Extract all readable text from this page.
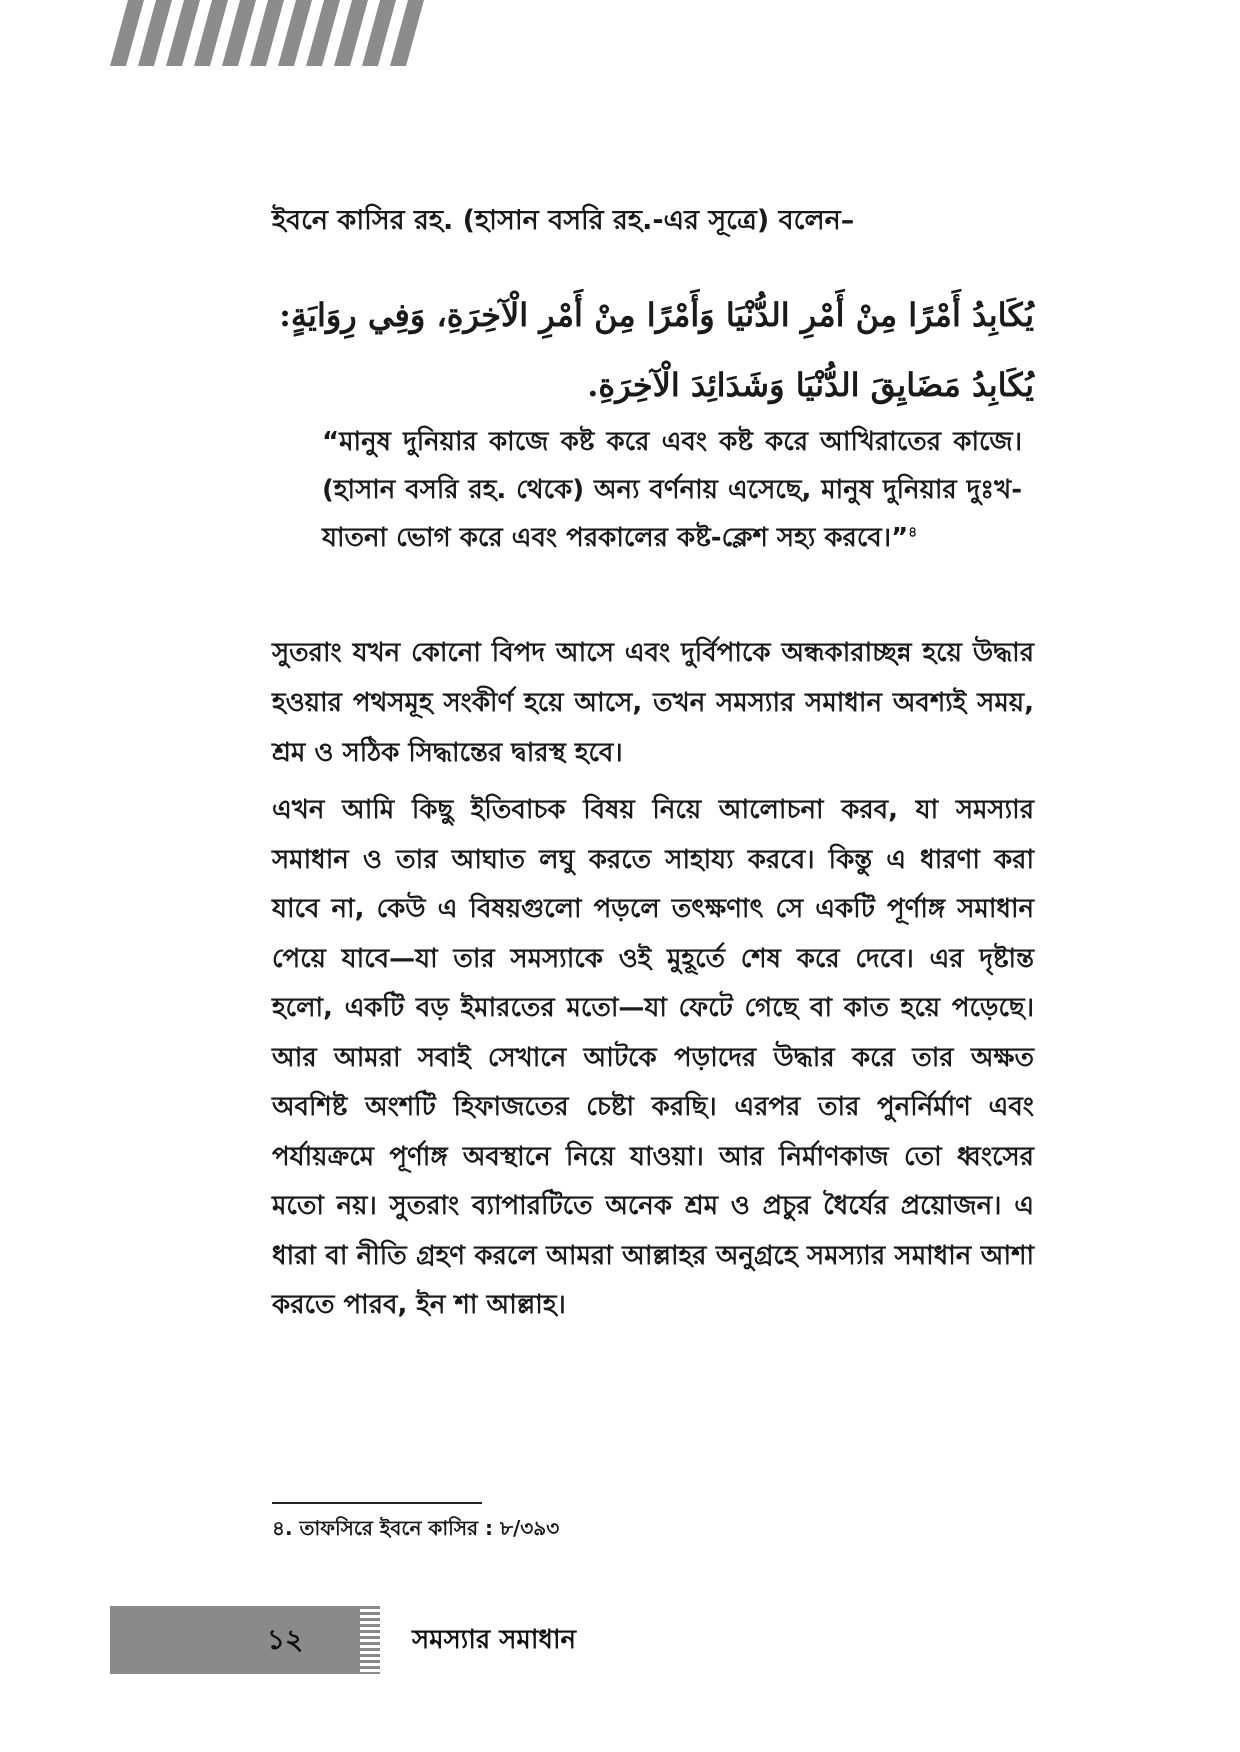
ইবনে কাসির রহ. (হাসান বসরি রহ.-এর সূত্রে) বলেন–

يُكَابِدُ أَمْرًا مِنْ أَمْرِ الدُّنْيَا وَأَمْرًا مِنْ أَمْرِ الْآخِرَةِ، وَفِي رِوَايَةٍ:
يُكَابِدُ مَضَايِقَ الدُّنْيَا وَشَدَائِدَ الْآخِرَةِ.

“মানুষ দুনিয়ার কাজে কষ্ট করে এবং কষ্ট করে আখিরাতের কাজে। (হাসান বসরি রহ. থেকে) অন্য বর্ণনায় এসেছে, মানুষ দুনিয়ার দুঃখ-যাতনা ভোগ করে এবং পরকালের কষ্ট-ক্লেশ সহ্য করবে।”$^৪$

সুতরাং যখন কোনো বিপদ আসে এবং দুর্বিপাকে অন্ধকারাচ্ছন্ন হয়ে উদ্ধার হওয়ার পথসমূহ সংকীর্ণ হয়ে আসে, তখন সমস্যার সমাধান অবশ্যই সময়, শ্রম ও সঠিক সিদ্ধান্তের দ্বারস্থ হবে।

এখন আমি কিছু ইতিবাচক বিষয় নিয়ে আলোচনা করব, যা সমস্যার সমাধান ও তার আঘাত লঘু করতে সাহায্য করবে। কিন্তু এ ধারণা করা যাবে না, কেউ এ বিষয়গুলো পড়লে তৎক্ষণাৎ সে একটি পূর্ণাঙ্গ সমাধান পেয়ে যাবে—যা তার সমস্যাকে ওই মুহূর্তে শেষ করে দেবে। এর দৃষ্টান্ত হলো, একটি বড় ইমারতের মতো—যা ফেটে গেছে বা কাত হয়ে পড়েছে। আর আমরা সবাই সেখানে আটকে পড়াদের উদ্ধার করে তার অক্ষত অবশিষ্ট অংশটি হিফাজতের চেষ্টা করছি। এরপর তার পুনর্নির্মাণ এবং পর্যায়ক্রমে পূর্ণাঙ্গ অবস্থানে নিয়ে যাওয়া। আর নির্মাণকাজ তো ধ্বংসের মতো নয়। সুতরাং ব্যাপারটিতে অনেক শ্রম ও প্রচুর ধৈর্যের প্রয়োজন। এ ধারা বা নীতি গ্রহণ করলে আমরা আল্লাহর অনুগ্রহে সমস্যার সমাধান আশা করতে পারব, ইন শা আল্লাহ।

৪. তাফসিরে ইবনে কাসির : ৮/৩৯৩
১২	সমস্যার সমাধান
